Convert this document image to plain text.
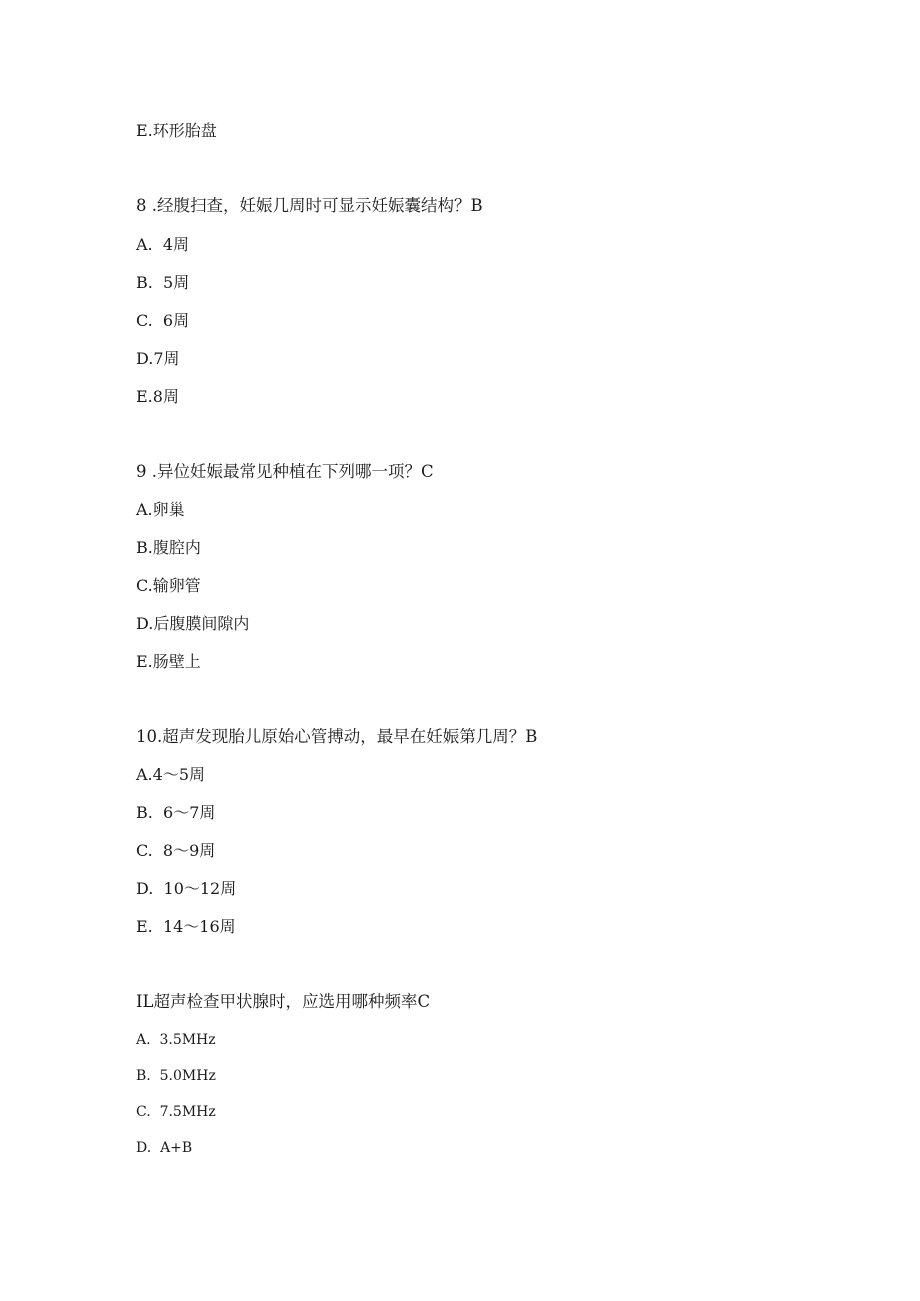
E.环形胎盘
8 .经腹扫查，妊娠几周时可显示妊娠囊结构？B
A.  4周
B.  5周
C.  6周
D.7周
E.8周
9 .异位妊娠最常见种植在下列哪一项？C
A.卵巢
B.腹腔内
C.输卵管
D.后腹膜间隙内
E.肠壁上
10.超声发现胎儿原始心管搏动，最早在妊娠第几周？B
A.4～5周
B.  6～7周
C.  8～9周
D.  10～12周
E.  14～16周
IL超声检查甲状腺时，应选用哪种频率C
A.  3.5MHz
B.  5.0MHz
C.  7.5MHz
D.  A+B
